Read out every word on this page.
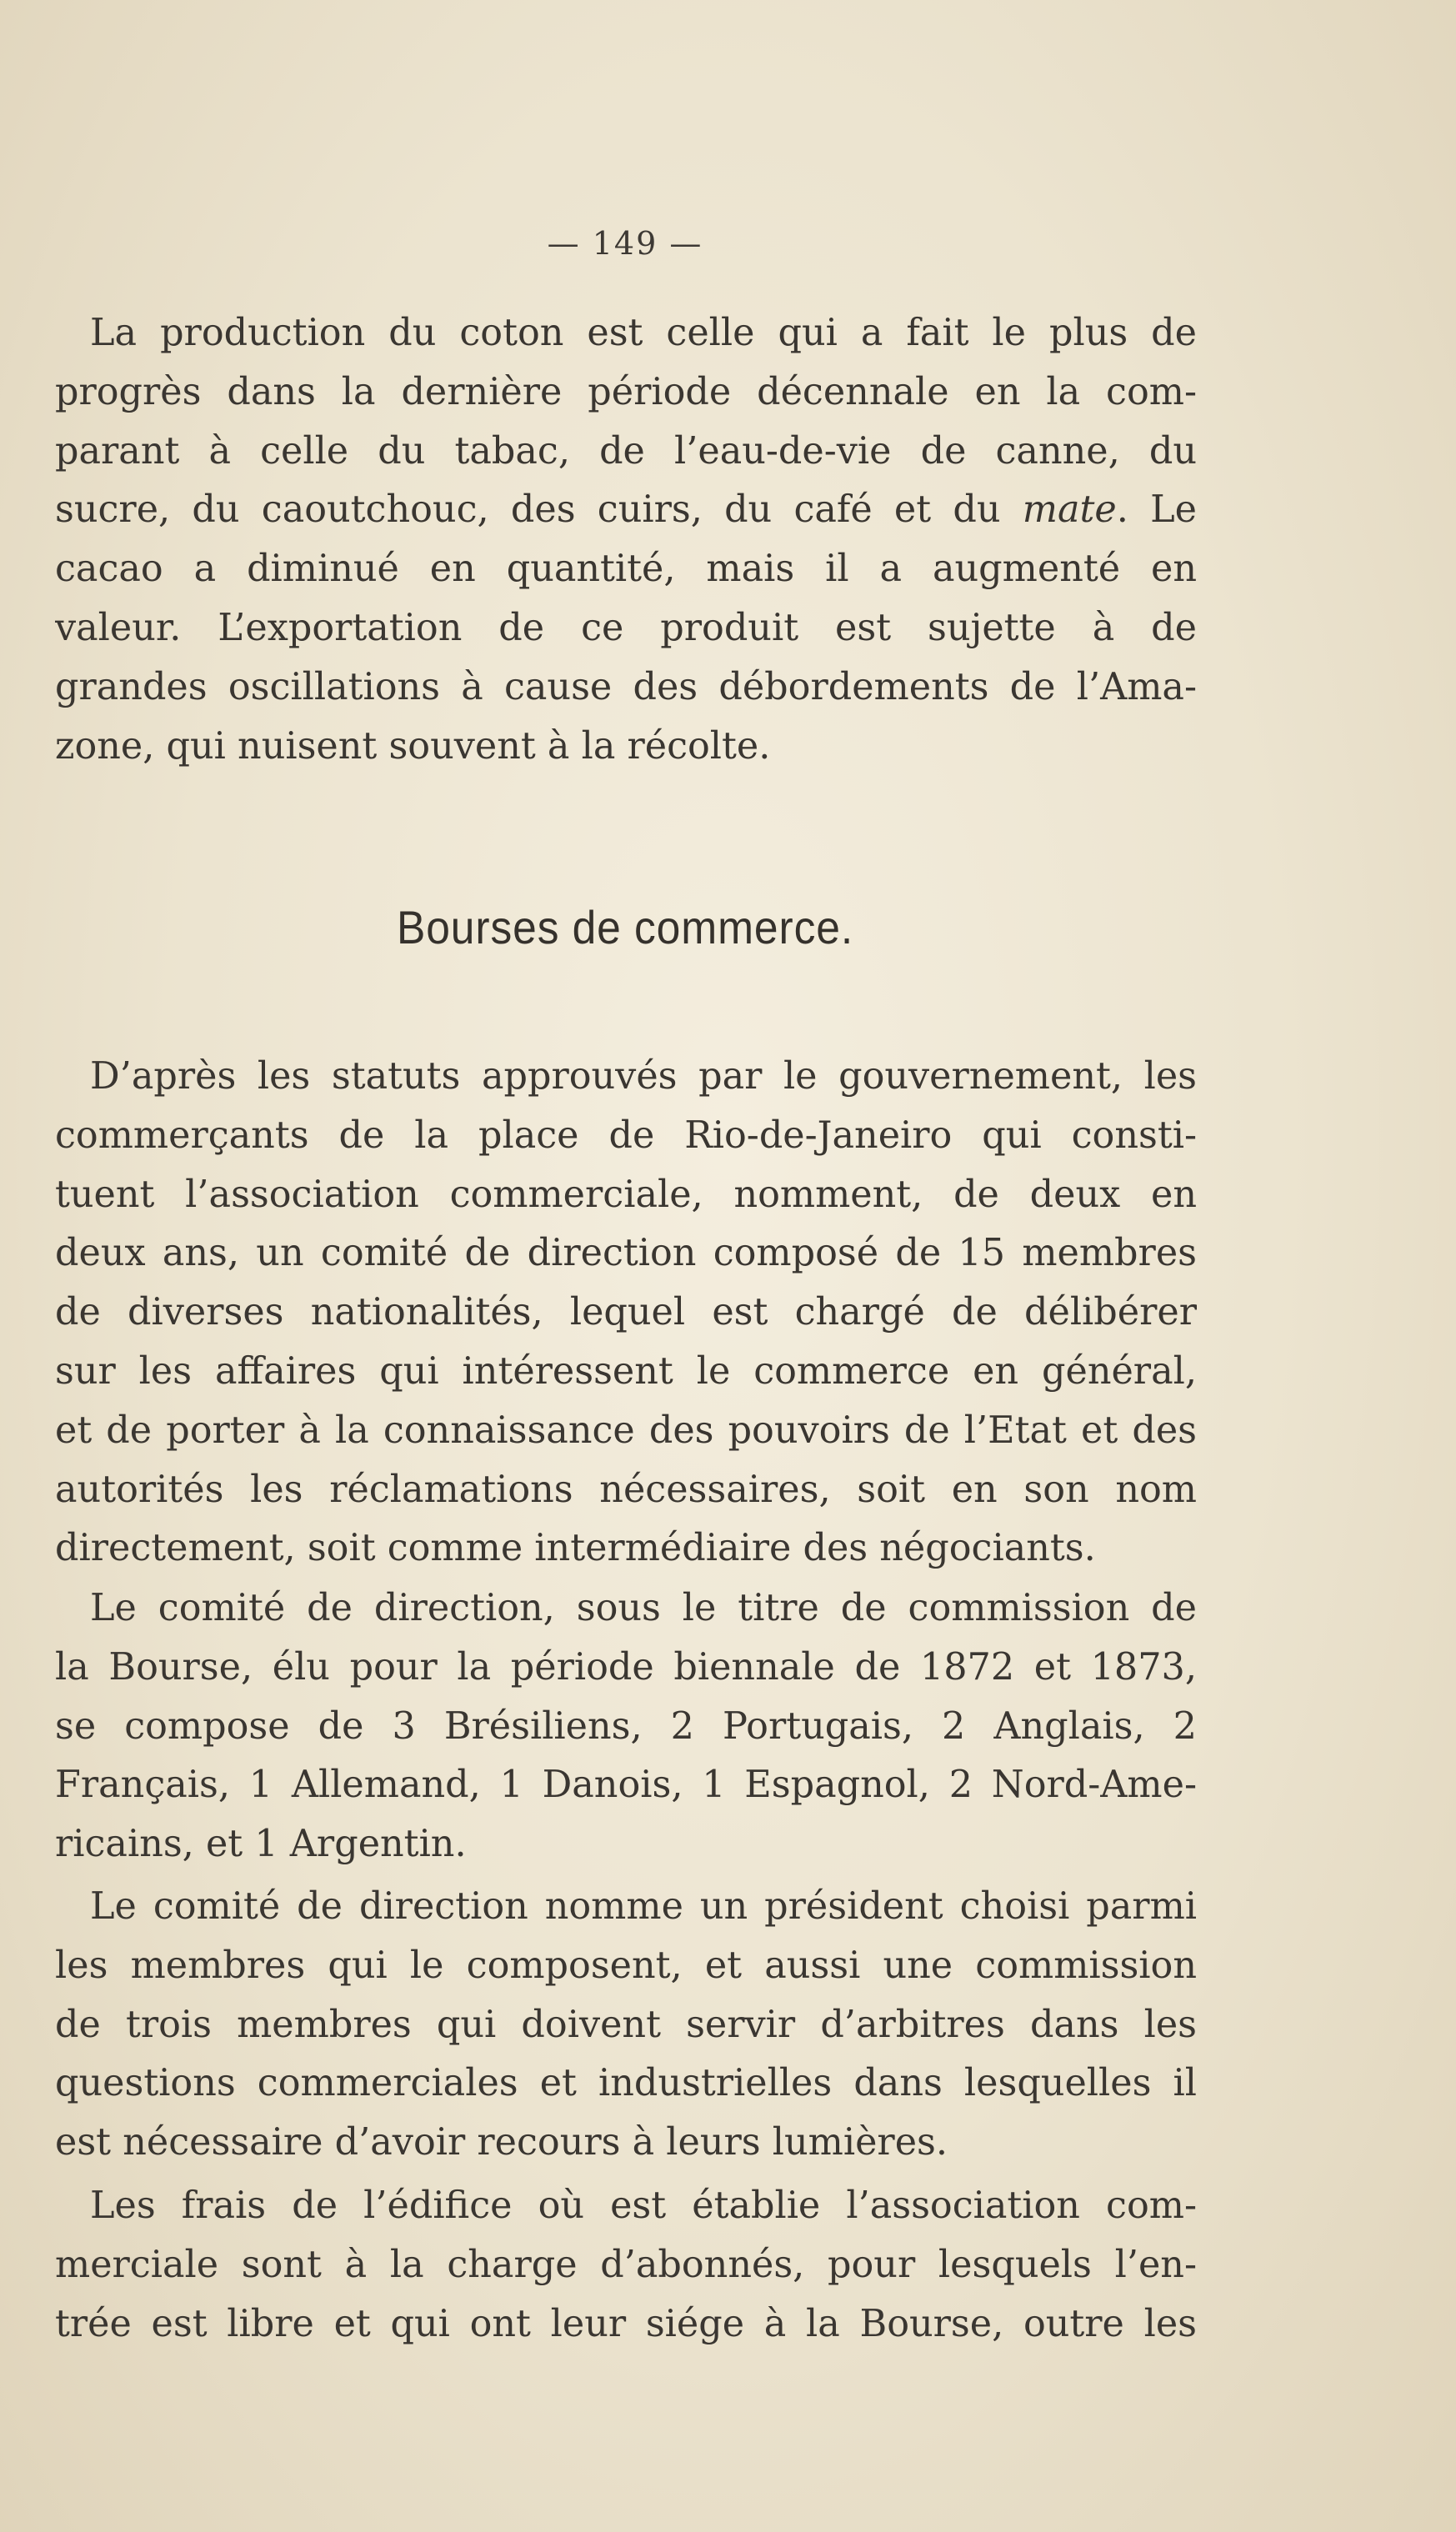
— 149 —
La production du coton est celle qui a fait le plus de
progrès dans la dernière période décennale en la com-
parant à celle du tabac, de l’eau-de-vie de canne, du
sucre, du caoutchouc, des cuirs, du café et du mate. Le
cacao a diminué en quantité, mais il a augmenté en
valeur. L’exportation de ce produit est sujette à de
grandes oscillations à cause des débordements de l’Ama-
zone, qui nuisent souvent à la récolte.
Bourses de commerce.
D’après les statuts approuvés par le gouvernement, les
commerçants de la place de Rio-de-Janeiro qui consti-
tuent l’association commerciale, nomment, de deux en
deux ans, un comité de direction composé de 15 membres
de diverses nationalités, lequel est chargé de délibérer
sur les affaires qui intéressent le commerce en général,
et de porter à la connaissance des pouvoirs de l’Etat et des
autorités les réclamations nécessaires, soit en son nom
directement, soit comme intermédiaire des négociants.
Le comité de direction, sous le titre de commission de
la Bourse, élu pour la période biennale de 1872 et 1873,
se compose de 3 Brésiliens, 2 Portugais, 2 Anglais, 2
Français, 1 Allemand, 1 Danois, 1 Espagnol, 2 Nord-Ame-
ricains, et 1 Argentin.
Le comité de direction nomme un président choisi parmi
les membres qui le composent, et aussi une commission
de trois membres qui doivent servir d’arbitres dans les
questions commerciales et industrielles dans lesquelles il
est nécessaire d’avoir recours à leurs lumières.
Les frais de l’édifice où est établie l’association com-
merciale sont à la charge d’abonnés, pour lesquels l’en-
trée est libre et qui ont leur siége à la Bourse, outre les
